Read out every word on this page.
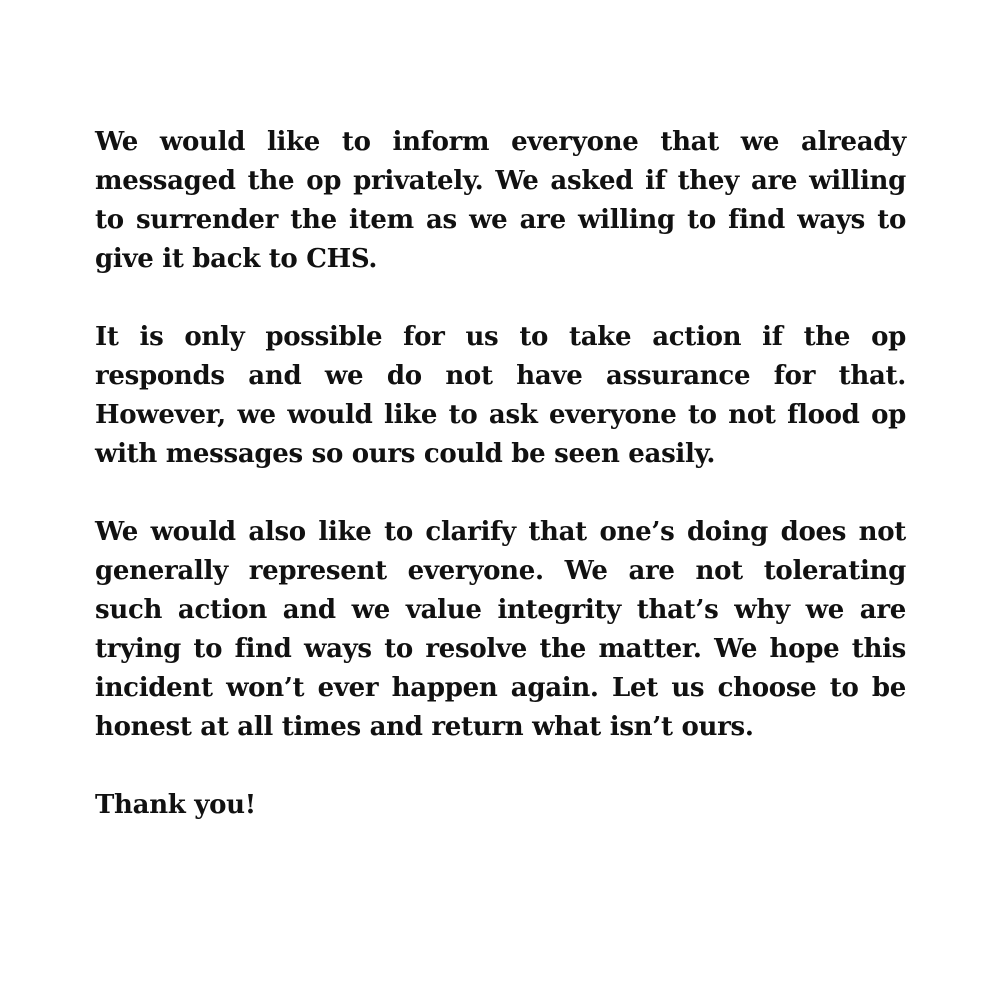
We would like to inform everyone that we already messaged the op privately. We asked if they are willing to surrender the item as we are willing to find ways to give it back to CHS.

It is only possible for us to take action if the op responds and we do not have assurance for that. However, we would like to ask everyone to not flood op with messages so ours could be seen easily.

We would also like to clarify that one’s doing does not generally represent everyone. We are not tolerating such action and we value integrity that’s why we are trying to find ways to resolve the matter. We hope this incident won’t ever happen again. Let us choose to be honest at all times and return what isn’t ours.

Thank you!
